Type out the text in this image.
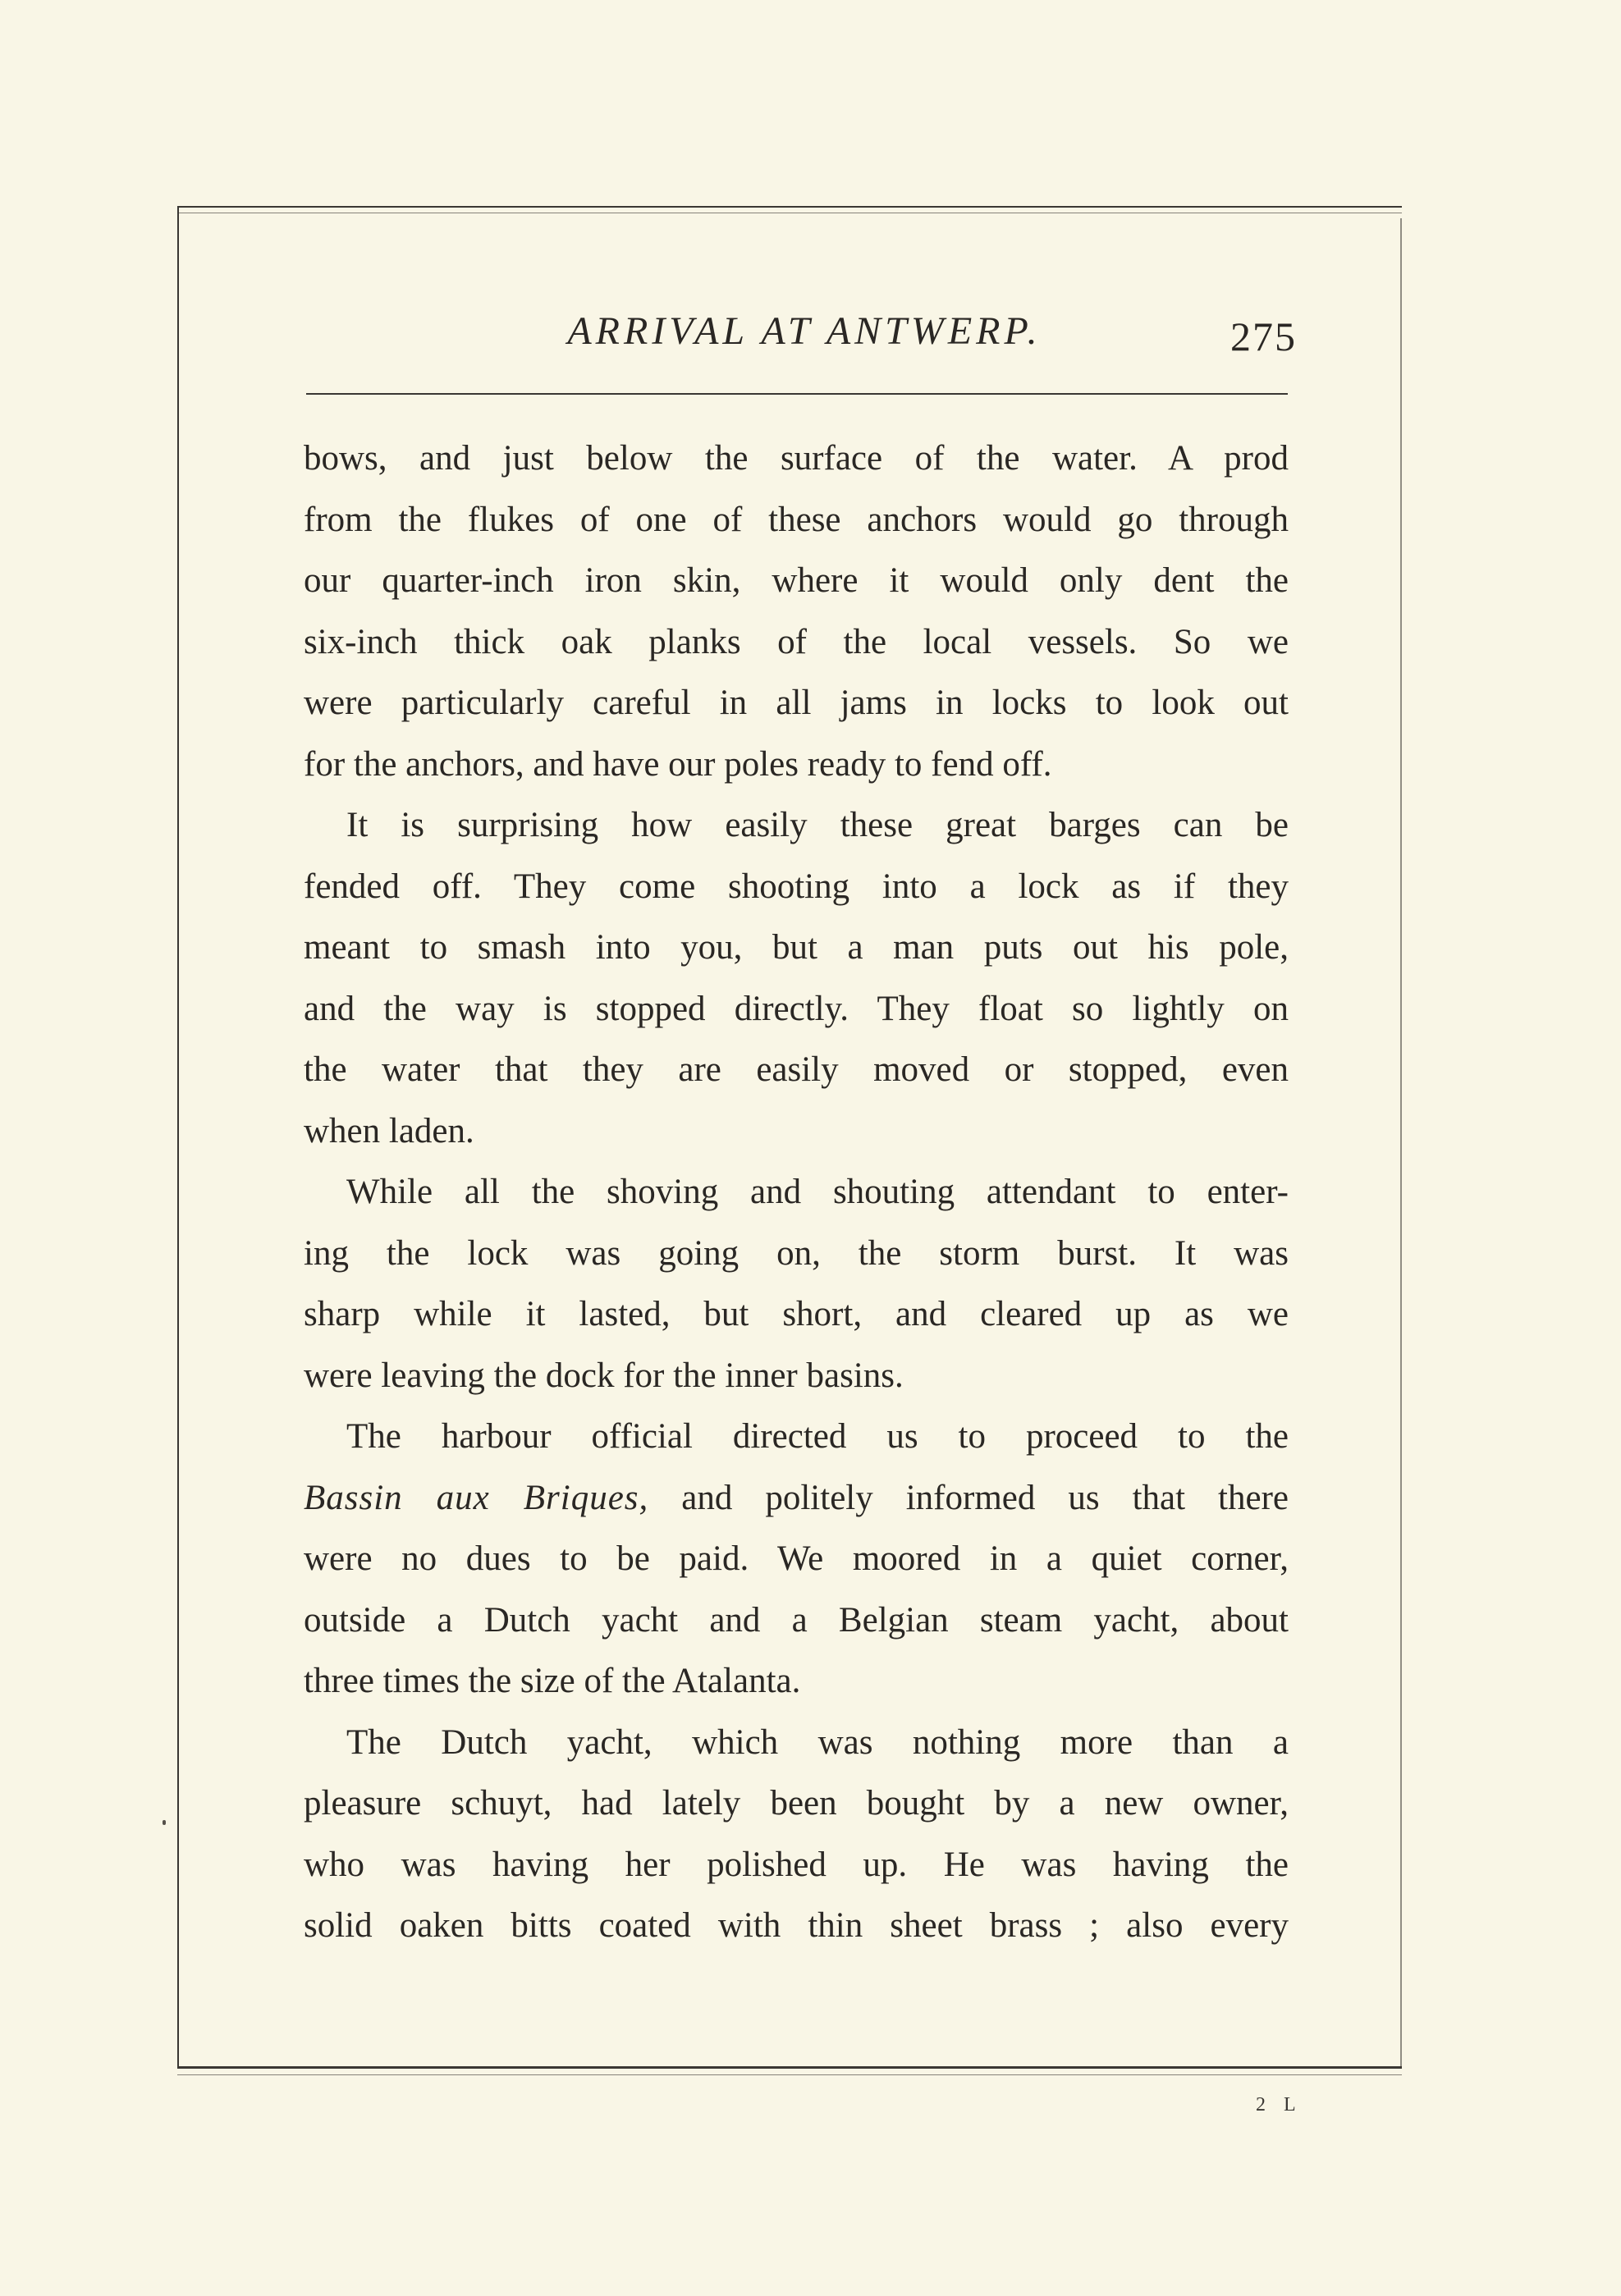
ARRIVAL AT ANTWERP.	275
bows, and just below the surface of the water. A prod
from the flukes of one of these anchors would go through
our quarter-inch iron skin, where it would only dent the
six-inch thick oak planks of the local vessels. So we
were particularly careful in all jams in locks to look out
for the anchors, and have our poles ready to fend off.
It is surprising how easily these great barges can be
fended off. They come shooting into a lock as if they
meant to smash into you, but a man puts out his pole,
and the way is stopped directly. They float so lightly on
the water that they are easily moved or stopped, even
when laden.
While all the shoving and shouting attendant to enter-
ing the lock was going on, the storm burst. It was
sharp while it lasted, but short, and cleared up as we
were leaving the dock for the inner basins.
The harbour official directed us to proceed to the
Bassin aux Briques, and politely informed us that there
were no dues to be paid. We moored in a quiet corner,
outside a Dutch yacht and a Belgian steam yacht, about
three times the size of the Atalanta.
The Dutch yacht, which was nothing more than a
pleasure schuyt, had lately been bought by a new owner,
who was having her polished up. He was having the
solid oaken bitts coated with thin sheet brass ; also every
2 L
